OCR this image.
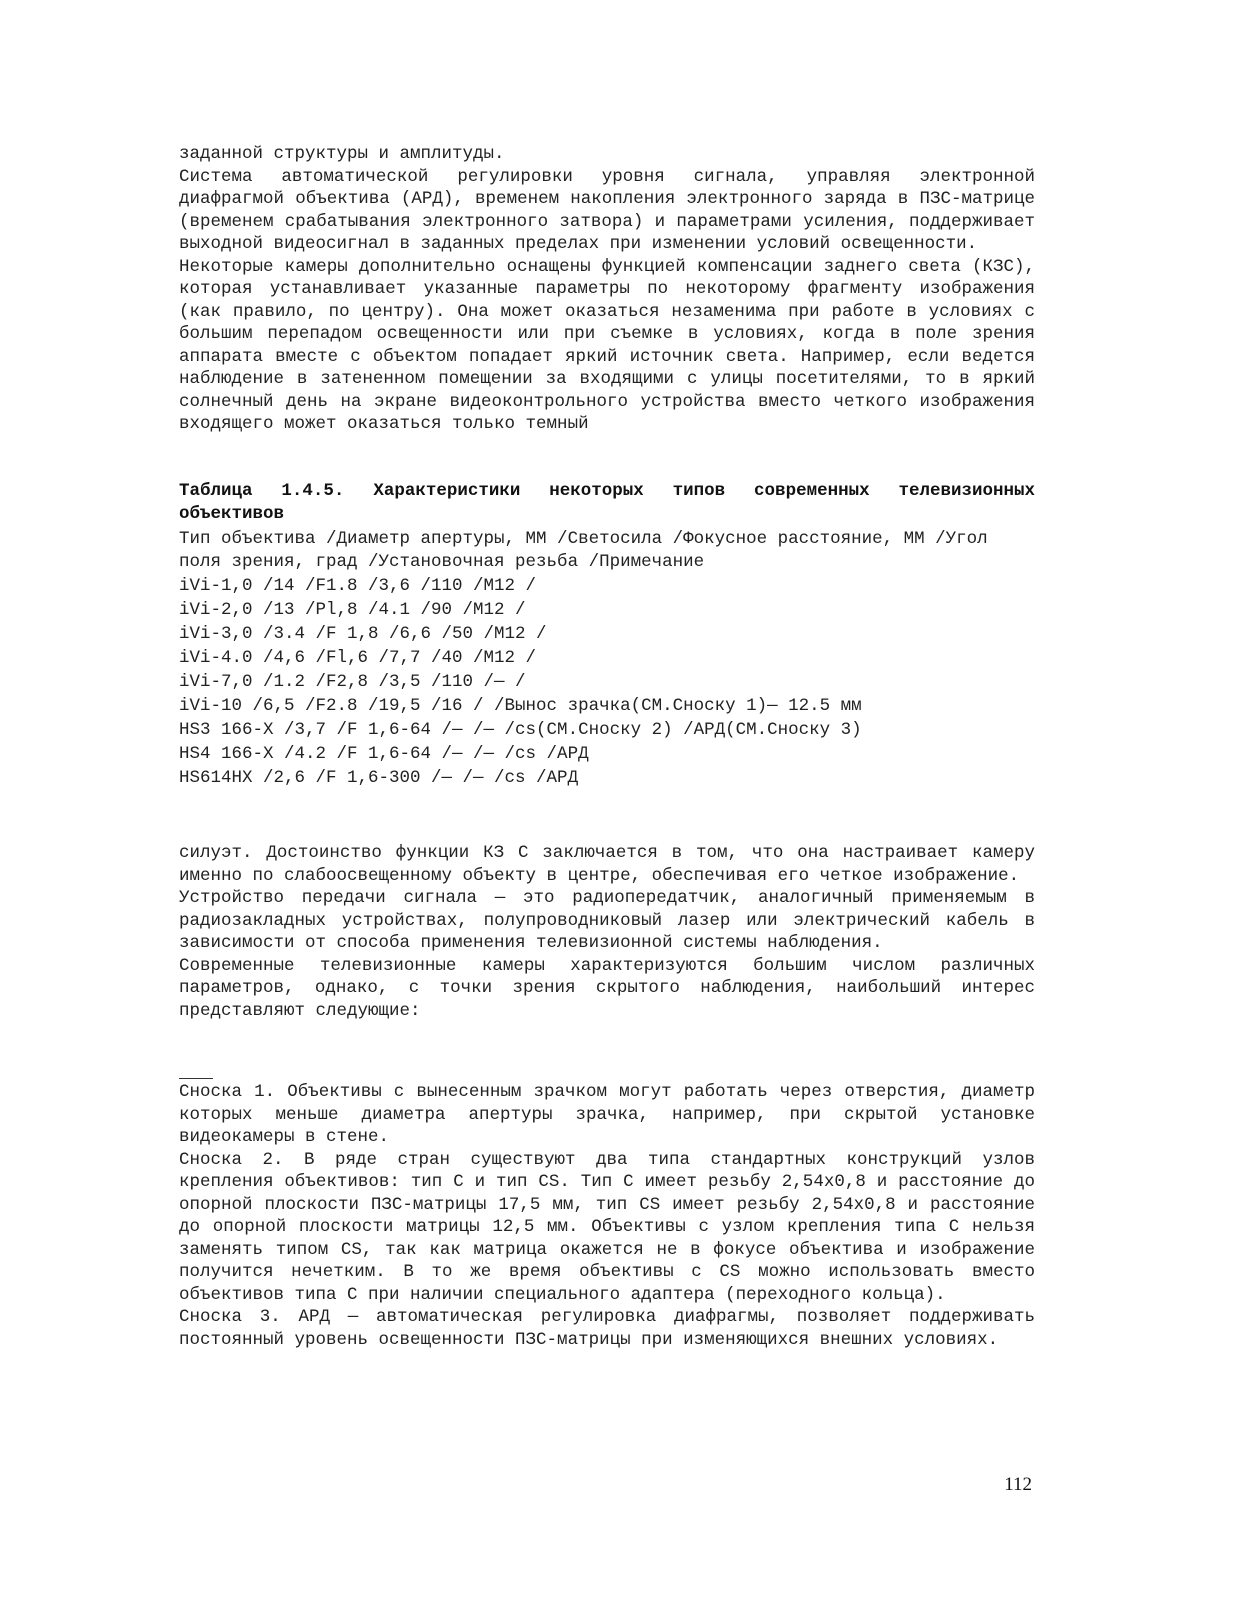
заданной структуры и амплитуды.

Система автоматической регулировки уровня сигнала, управляя электронной диафрагмой объектива (АРД), временем накопления электронного заряда в ПЗС-матрице (временем срабатывания электронного затвора) и параметрами усиления, поддерживает выходной видеосигнал в заданных пределах при изменении условий освещенности.

Некоторые камеры дополнительно оснащены функцией компенсации заднего света (КЗС), которая устанавливает указанные параметры по некоторому фрагменту изображения (как правило, по центру). Она может оказаться незаменима при работе в условиях с большим перепадом освещенности или при съемке в условиях, когда в поле зрения аппарата вместе с объектом попадает яркий источник света. Например, если ведется наблюдение в затененном помещении за входящими с улицы посетителями, то в яркий солнечный день на экране видеоконтрольного устройства вместо четкого изображения входящего может оказаться только темный

Таблица 1.4.5. Характеристики некоторых типов современных телевизионных объективов

Тип объектива /Диаметр апертуры, ММ /Светосила /Фокусное расстояние, ММ /Угол поля зрения, град /Установочная резьба /Примечание

iVi-1,0 /14 /F1.8 /3,6 /110 /М12 /

iVi-2,0 /13 /Pl,8 /4.1 /90 /М12 /

iVi-3,0 /3.4 /F 1,8 /6,6 /50 /М12 /

iVi-4.0 /4,6 /Fl,6 /7,7 /40 /М12 /

iVi-7,0 /1.2 /F2,8 /3,5 /110 /— /

iVi-10 /6,5 /F2.8 /19,5 /16 / /Вынос зрачка(СМ.Сноску 1)— 12.5 мм

HS3 166-X /3,7 /F 1,6-64 /— /— /cs(СМ.Сноску 2) /АРД(СМ.Сноску 3)

HS4 166-X /4.2 /F 1,6-64 /— /— /cs /АРД

HS614HX /2,6 /F 1,6-300 /— /— /cs /АРД

силуэт. Достоинство функции КЗ С заключается в том, что она настраивает камеру именно по слабоосвещенному объекту в центре, обеспечивая его четкое изображение.

Устройство передачи сигнала — это радиопередатчик, аналогичный применяемым в радиозакладных устройствах, полупроводниковый лазер или электрический кабель в зависимости от способа применения телевизионной системы наблюдения.

Современные телевизионные камеры характеризуются большим числом различных параметров, однако, с точки зрения скрытого наблюдения, наибольший интерес представляют следующие:

Сноска 1. Объективы с вынесенным зрачком могут работать через отверстия, диаметр которых меньше диаметра апертуры зрачка, например, при скрытой установке видеокамеры в стене.

Сноска 2. В ряде стран существуют два типа стандартных конструкций узлов крепления объективов: тип С и тип CS. Тип С имеет резьбу 2,54x0,8 и расстояние до опорной плоскости ПЗС-матрицы 17,5 мм, тип CS имеет резьбу 2,54x0,8 и расстояние до опорной плоскости матрицы 12,5 мм. Объективы с узлом крепления типа С нельзя заменять типом CS, так как матрица окажется не в фокусе объектива и изображение получится нечетким. В то же время объективы с CS можно использовать вместо объективов типа С при наличии специального адаптера (переходного кольца).

Сноска 3. АРД — автоматическая регулировка диафрагмы, позволяет поддерживать постоянный уровень освещенности ПЗС-матрицы при изменяющихся внешних условиях.

112
